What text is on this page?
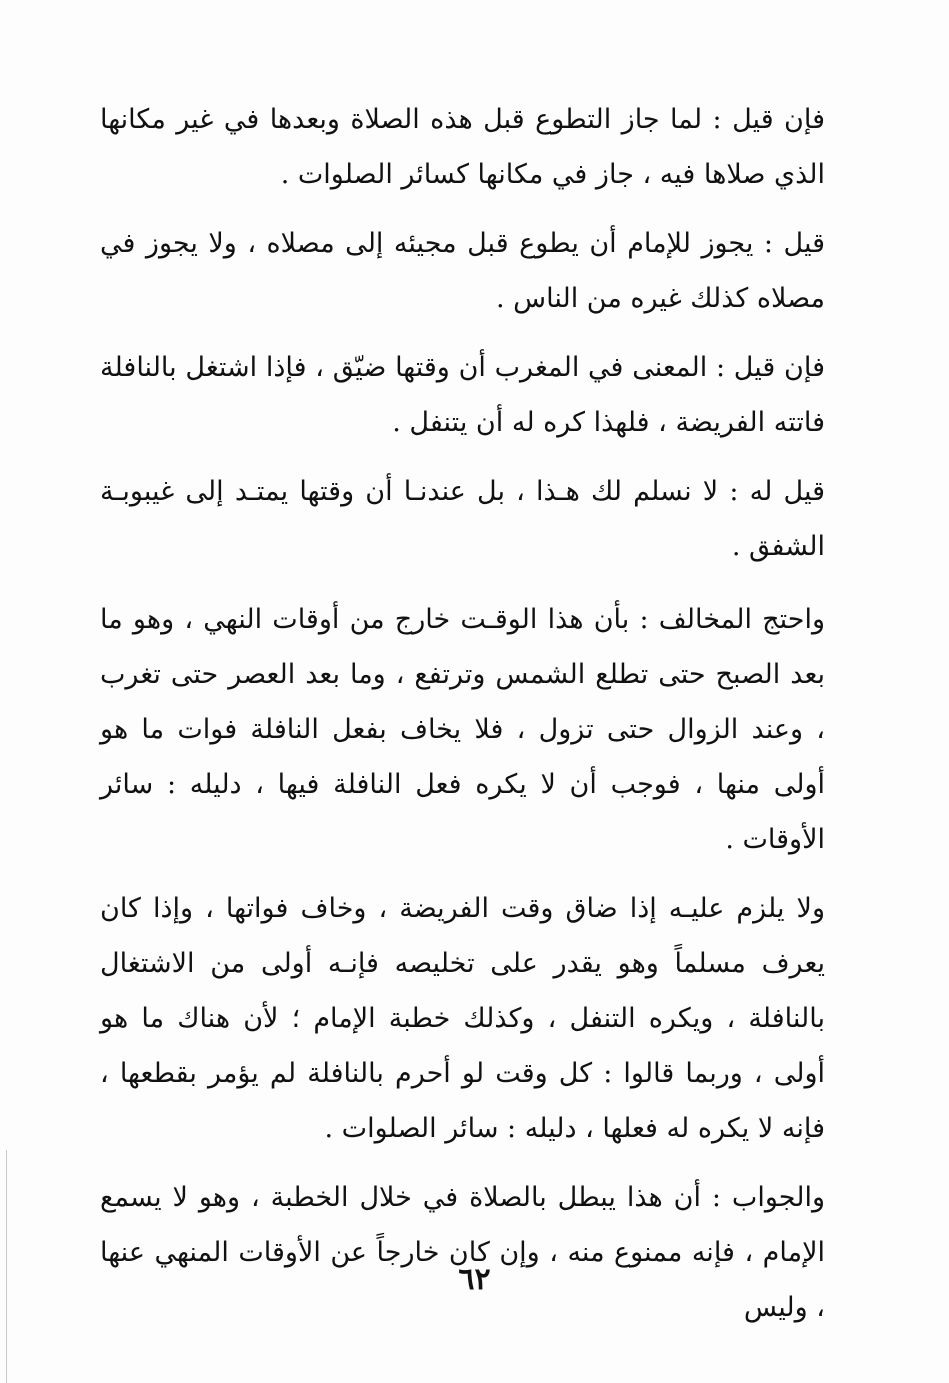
فإن قيل : لما جاز التطوع قبل هذه الصلاة وبعدها في غير مكانها الذي صلاها فيه ، جاز في مكانها كسائر الصلوات .

قيل : يجوز للإمام أن يطوع قبل مجيئه إلى مصلاه ، ولا يجوز في مصلاه كذلك غيره من الناس .

فإن قيل : المعنى في المغرب أن وقتها ضيّق ، فإذا اشتغل بالنافلة فاتته الفريضة ، فلهذا كره له أن يتنفل .

قيل له : لا نسلم لك هـذا ، بل عندنـا أن وقتها يمتـد إلى غيبوبـة الشفق .

واحتج المخالف : بأن هذا الوقـت خارج من أوقات النهي ، وهو ما بعد الصبح حتى تطلع الشمس وترتفع ، وما بعد العصر حتى تغرب ، وعند الزوال حتى تزول ، فلا يخاف بفعل النافلة فوات ما هو أولى منها ، فوجب أن لا يكره فعل النافلة فيها ، دليله : سائر الأوقات .

ولا يلزم عليـه إذا ضاق وقت الفريضة ، وخاف فواتها ، وإذا كان يعرف مسلماً وهو يقدر على تخليصه فإنـه أولى من الاشتغال بالنافلة ، ويكره التنفل ، وكذلك خطبة الإمام ؛ لأن هناك ما هو أولى ، وربما قالوا : كل وقت لو أحرم بالنافلة لم يؤمر بقطعها ، فإنه لا يكره له فعلها ، دليله : سائر الصلوات .

والجواب : أن هذا يبطل بالصلاة في خلال الخطبة ، وهو لا يسمع الإمام ، فإنه ممنوع منه ، وإن كان خارجاً عن الأوقات المنهي عنها ، وليس

٦٢
